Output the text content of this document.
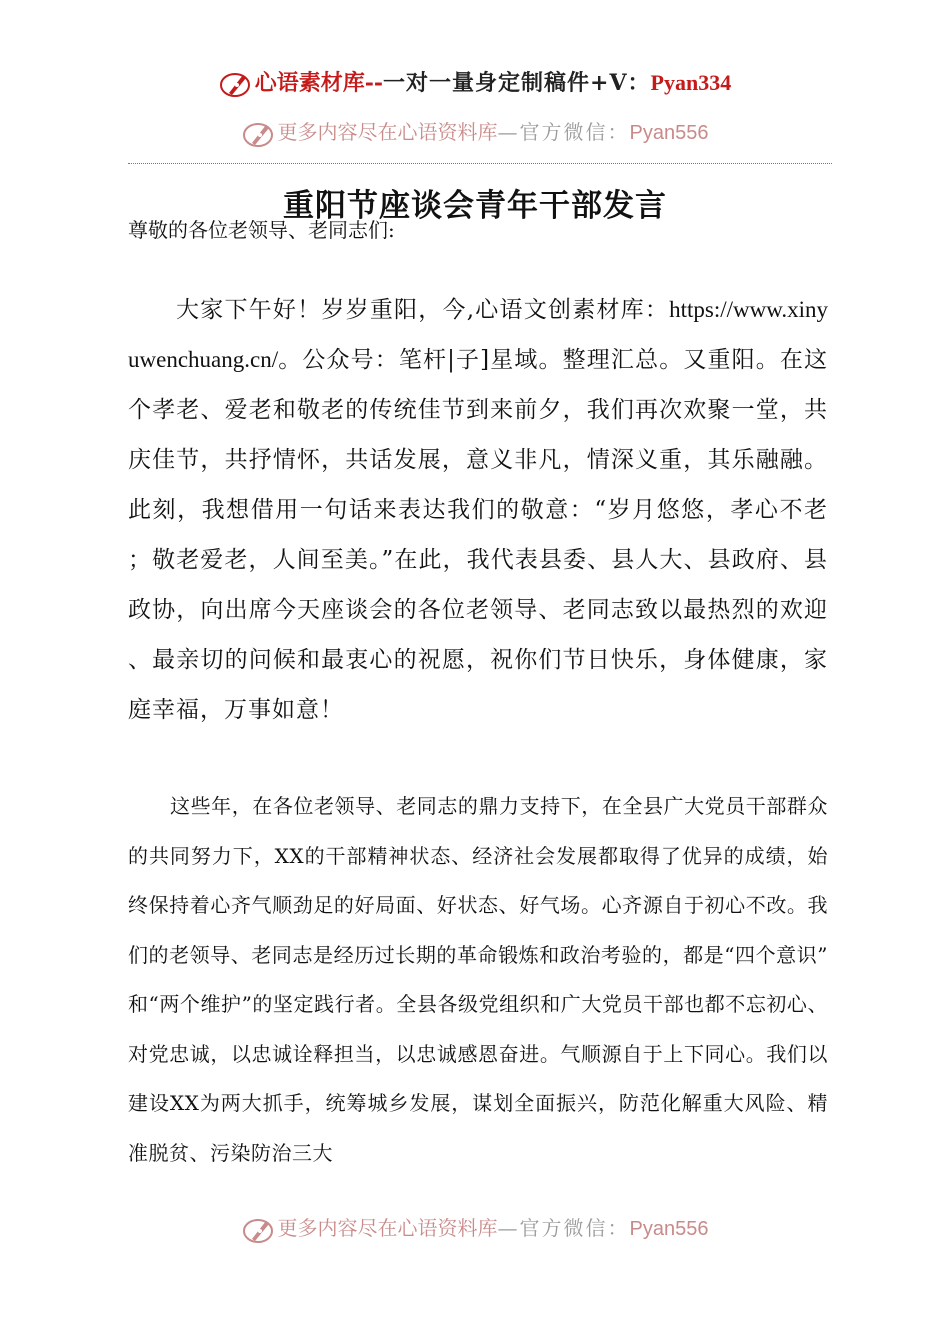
心语素材库--一对一量身定制稿件+V：Pyan334
更多内容尽在心语资料库—官方微信：Pyan556
重阳节座谈会青年干部发言
尊敬的各位老领导、老同志们:
大家下午好！岁岁重阳，今,心语文创素材库：https://www.xinyuwenchuang.cn/。公众号：笔杆|子]星域。整理汇总。又重阳。在这个孝老、爱老和敬老的传统佳节到来前夕，我们再次欢聚一堂，共庆佳节，共抒情怀，共话发展，意义非凡，情深义重，其乐融融。此刻，我想借用一句话来表达我们的敬意：“岁月悠悠，孝心不老；敬老爱老，人间至美。”在此，我代表县委、县人大、县政府、县政协，向出席今天座谈会的各位老领导、老同志致以最热烈的欢迎、最亲切的问候和最衷心的祝愿，祝你们节日快乐，身体健康，家庭幸福，万事如意！
这些年，在各位老领导、老同志的鼎力支持下，在全县广大党员干部群众的共同努力下，XX的干部精神状态、经济社会发展都取得了优异的成绩，始终保持着心齐气顺劲足的好局面、好状态、好气场。心齐源自于初心不改。我们的老领导、老同志是经历过长期的革命锻炼和政治考验的，都是“四个意识”和“两个维护”的坚定践行者。全县各级党组织和广大党员干部也都不忘初心、对党忠诚，以忠诚诠释担当，以忠诚感恩奋进。气顺源自于上下同心。我们以建设XX为两大抓手，统筹城乡发展，谋划全面振兴，防范化解重大风险、精准脱贫、污染防治三大
更多内容尽在心语资料库—官方微信：Pyan556
